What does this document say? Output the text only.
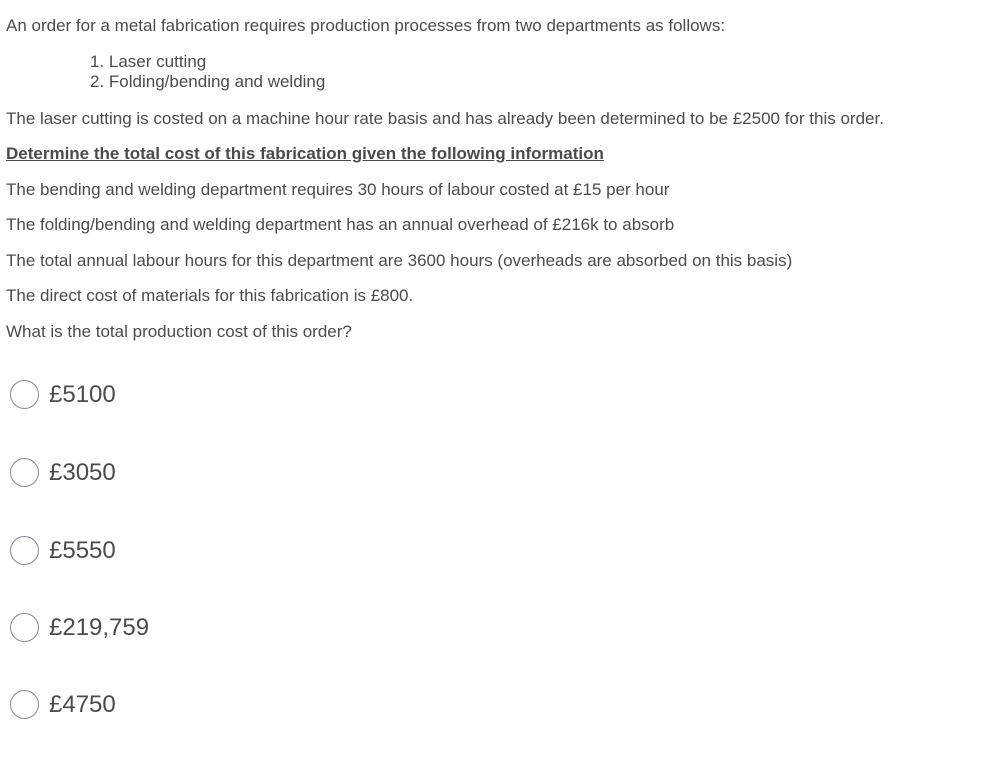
An order for a metal fabrication requires production processes from two departments as follows:
1. Laser cutting
2. Folding/bending and welding
The laser cutting is costed on a machine hour rate basis and has already been determined to be £2500 for this order.
Determine the total cost of this fabrication given the following information
The bending and welding department requires 30 hours of labour costed at £15 per hour
The folding/bending and welding department has an annual overhead of £216k to absorb
The total annual labour hours for this department are 3600 hours (overheads are absorbed on this basis)
The direct cost of materials for this fabrication is £800.
What is the total production cost of this order?
£5100
£3050
£5550
£219,759
£4750
